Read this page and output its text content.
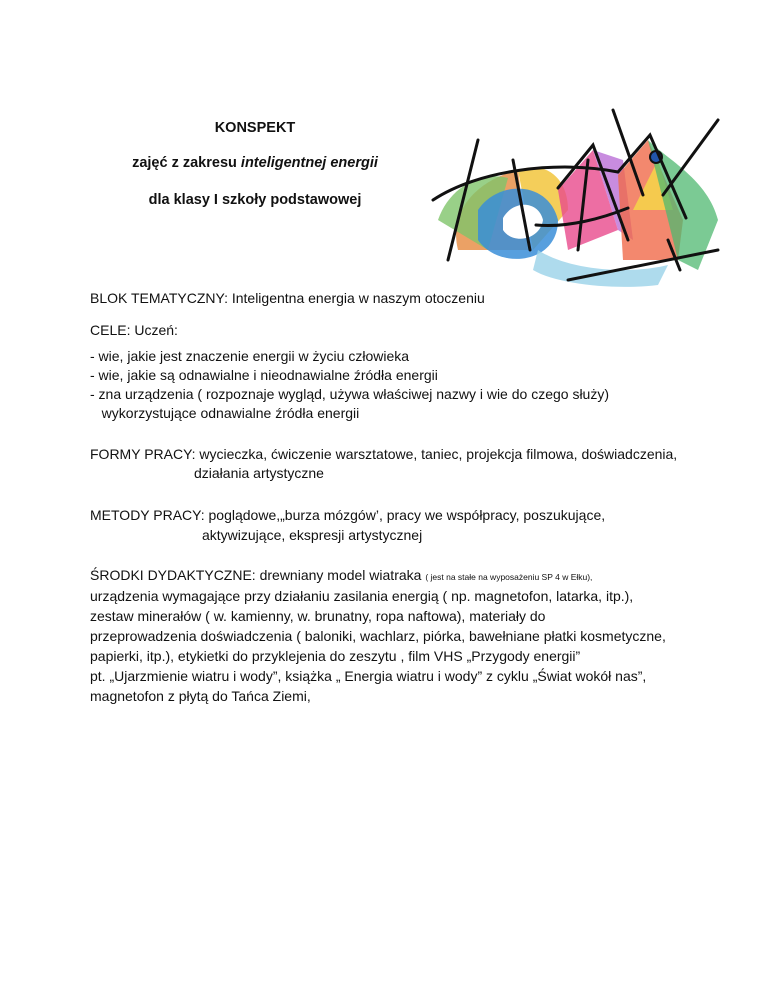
KONSPEKT
zajęć z zakresu inteligentnej energii
dla klasy I szkoły podstawowej
BLOK TEMATYCZNY: Inteligentna energia w naszym otoczeniu
CELE: Uczeń:
- wie, jakie jest znaczenie energii w życiu człowieka
- wie, jakie są odnawialne i nieodnawialne źródła energii
- zna urządzenia ( rozpoznaje wygląd, używa właściwej nazwy i wie do czego służy)
wykorzystujące odnawialne źródła energii
FORMY PRACY: wycieczka, ćwiczenie warsztatowe, taniec, projekcja filmowa, doświadczenia,
działania artystyczne
METODY PRACY: poglądowe,„burza mózgów’, pracy we współpracy, poszukujące,
aktywizujące, ekspresji artystycznej
ŚRODKI DYDAKTYCZNE: drewniany model wiatraka ( jest na stałe na wyposażeniu SP 4 w Ełku),
urządzenia wymagające przy działaniu zasilania energią ( np. magnetofon, latarka, itp.),
zestaw minerałów ( w. kamienny, w. brunatny, ropa naftowa), materiały do
przeprowadzenia doświadczenia ( baloniki, wachlarz, piórka, bawełniane płatki kosmetyczne,
papierki, itp.), etykietki do przyklejenia do zeszytu , film VHS „Przygody energii”
pt. „Ujarzmienie wiatru i wody”, książka „ Energia wiatru i wody” z cyklu „Świat wokół nas”,
magnetofon z płytą do Tańca Ziemi,
